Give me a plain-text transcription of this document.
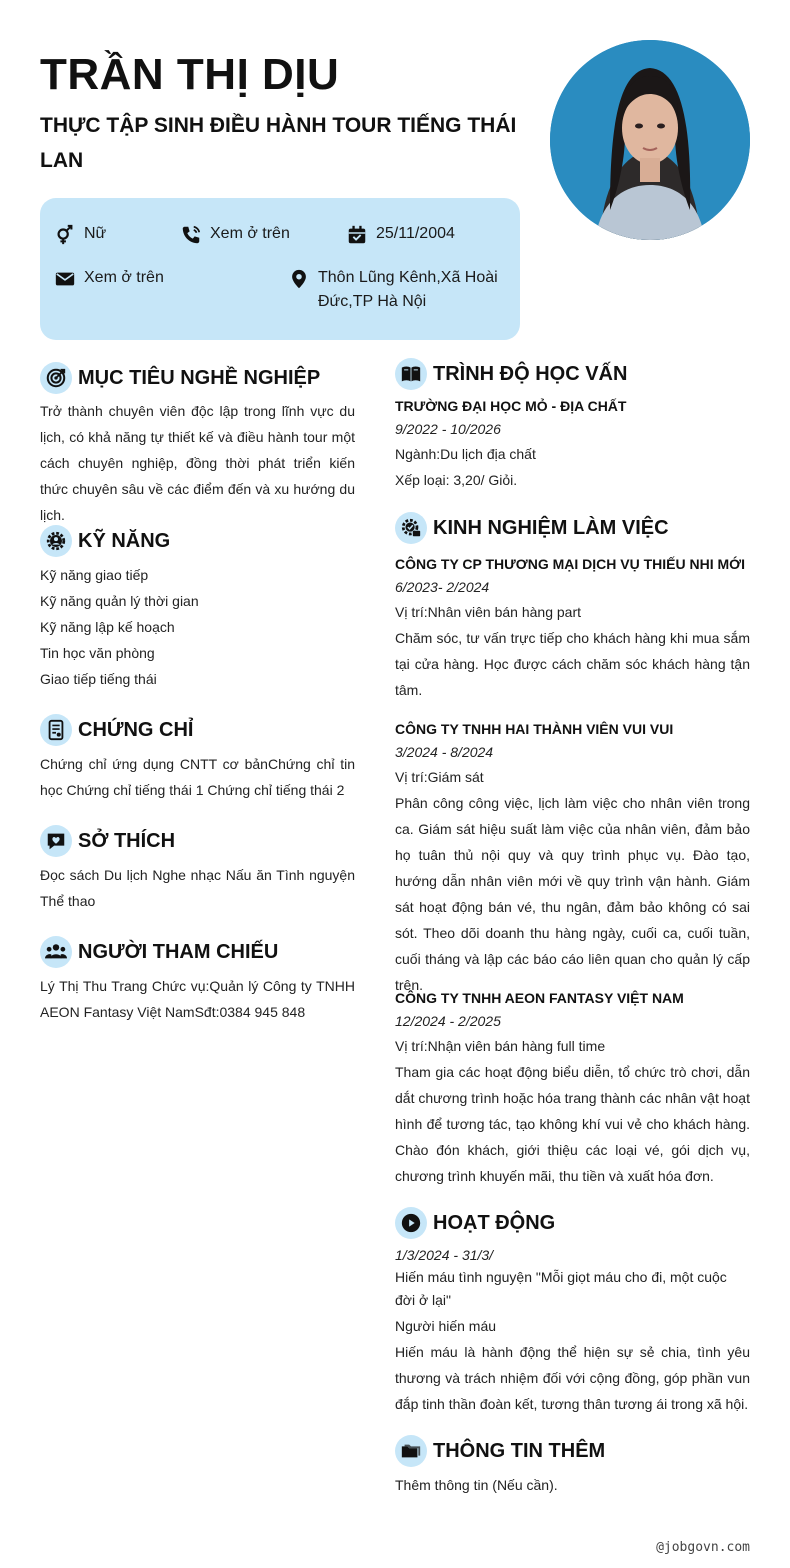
TRẦN THỊ DỊU
THỰC TẬP SINH ĐIỀU HÀNH TOUR TIẾNG THÁI LAN
Nữ	Xem ở trên	25/11/2004
Xem ở trên	Thôn Lũng Kênh,Xã Hoài Đức,TP Hà Nội
MỤC TIÊU NGHỀ NGHIỆP

Trở thành chuyên viên độc lập trong lĩnh vực du lịch, có khả năng tự thiết kế và điều hành tour một cách chuyên nghiệp, đồng thời phát triển kiến thức chuyên sâu về các điểm đến và xu hướng du lịch.

KỸ NĂNG
Kỹ năng giao tiếp
Kỹ năng quản lý thời gian
Kỹ năng lập kế hoạch
Tin học văn phòng
Giao tiếp tiếng thái
CHỨNG CHỈ

Chứng chỉ ứng dụng CNTT cơ bảnChứng chỉ tin học Chứng chỉ tiếng thái 1 Chứng chỉ tiếng thái 2

SỞ THÍCH

Đọc sách Du lịch Nghe nhạc Nấu ăn Tình nguyện Thể thao

NGƯỜI THAM CHIẾU

Lý Thị Thu Trang Chức vụ:Quản lý Công ty TNHH AEON Fantasy Việt NamSđt:0384 945 848

TRÌNH ĐỘ HỌC VẤN
TRƯỜNG ĐẠI HỌC MỎ - ĐỊA CHẤT
9/2022 - 10/2026
Ngành:Du lịch địa chất
Xếp loại: 3,20/ Giỏi.
KINH NGHIỆM LÀM VIỆC
CÔNG TY CP THƯƠNG MẠI DỊCH VỤ THIẾU NHI MỚI
6/2023- 2/2024
Vị trí:Nhân viên bán hàng part

Chăm sóc, tư vấn trực tiếp cho khách hàng khi mua sắm tại cửa hàng. Học được cách chăm sóc khách hàng tận tâm.

CÔNG TY TNHH HAI THÀNH VIÊN VUI VUI
3/2024 - 8/2024
Vị trí:Giám sát

Phân công công việc, lịch làm việc cho nhân viên trong ca. Giám sát hiệu suất làm việc của nhân viên, đảm bảo họ tuân thủ nội quy và quy trình phục vụ. Đào tạo, hướng dẫn nhân viên mới về quy trình vận hành. Giám sát hoạt động bán vé, thu ngân, đảm bảo không có sai sót. Theo dõi doanh thu hàng ngày, cuối ca, cuối tuần, cuối tháng và lập các báo cáo liên quan cho quản lý cấp trên.

CÔNG TY TNHH AEON FANTASY VIỆT NAM
12/2024 - 2/2025
Vị trí:Nhận viên bán hàng full time

Tham gia các hoạt động biểu diễn, tổ chức trò chơi, dẫn dắt chương trình hoặc hóa trang thành các nhân vật hoạt hình để tương tác, tạo không khí vui vẻ cho khách hàng. Chào đón khách, giới thiệu các loại vé, gói dịch vụ, chương trình khuyến mãi, thu tiền và xuất hóa đơn.

HOẠT ĐỘNG
1/3/2024 - 31/3/

Hiến máu tình nguyện "Mỗi giọt máu cho đi, một cuộc đời ở lại"

Người hiến máu

Hiến máu là hành động thể hiện sự sẻ chia, tình yêu thương và trách nhiệm đối với cộng đồng, góp phần vun đắp tinh thần đoàn kết, tương thân tương ái trong xã hội.

THÔNG TIN THÊM
Thêm thông tin (Nếu cần).
@jobgovn.com
